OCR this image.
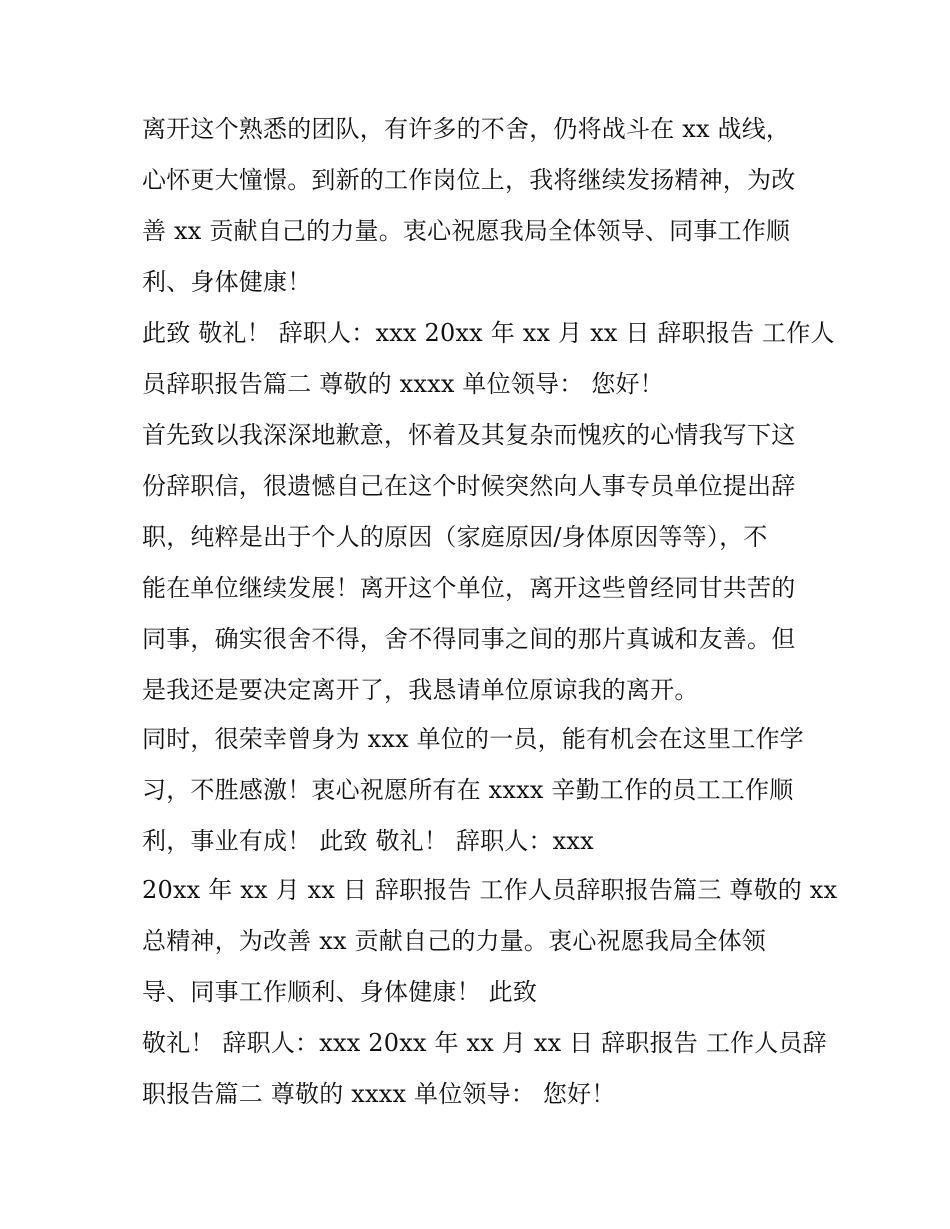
离开这个熟悉的团队，有许多的不舍，仍将战斗在 xx 战线，
心怀更大憧憬。到新的工作岗位上，我将继续发扬精神，为改
善 xx 贡献自己的力量。衷心祝愿我局全体领导、同事工作顺
利、身体健康！
此致 敬礼！ 辞职人：xxx 20xx 年 xx 月 xx 日 辞职报告 工作人
员辞职报告篇二 尊敬的 xxxx 单位领导： 您好！
首先致以我深深地歉意，怀着及其复杂而愧疚的心情我写下这
份辞职信，很遗憾自己在这个时候突然向人事专员单位提出辞
职，纯粹是出于个人的原因（家庭原因/身体原因等等），不
能在单位继续发展！离开这个单位，离开这些曾经同甘共苦的
同事，确实很舍不得，舍不得同事之间的那片真诚和友善。但
是我还是要决定离开了，我恳请单位原谅我的离开。
同时，很荣幸曾身为 xxx 单位的一员，能有机会在这里工作学
习，不胜感激！衷心祝愿所有在 xxxx 辛勤工作的员工工作顺
利，事业有成！ 此致 敬礼！ 辞职人：xxx
20xx 年 xx 月 xx 日 辞职报告 工作人员辞职报告篇三 尊敬的 xx
总精神，为改善 xx 贡献自己的力量。衷心祝愿我局全体领
导、同事工作顺利、身体健康！ 此致
敬礼！ 辞职人：xxx 20xx 年 xx 月 xx 日 辞职报告 工作人员辞
职报告篇二 尊敬的 xxxx 单位领导： 您好！
